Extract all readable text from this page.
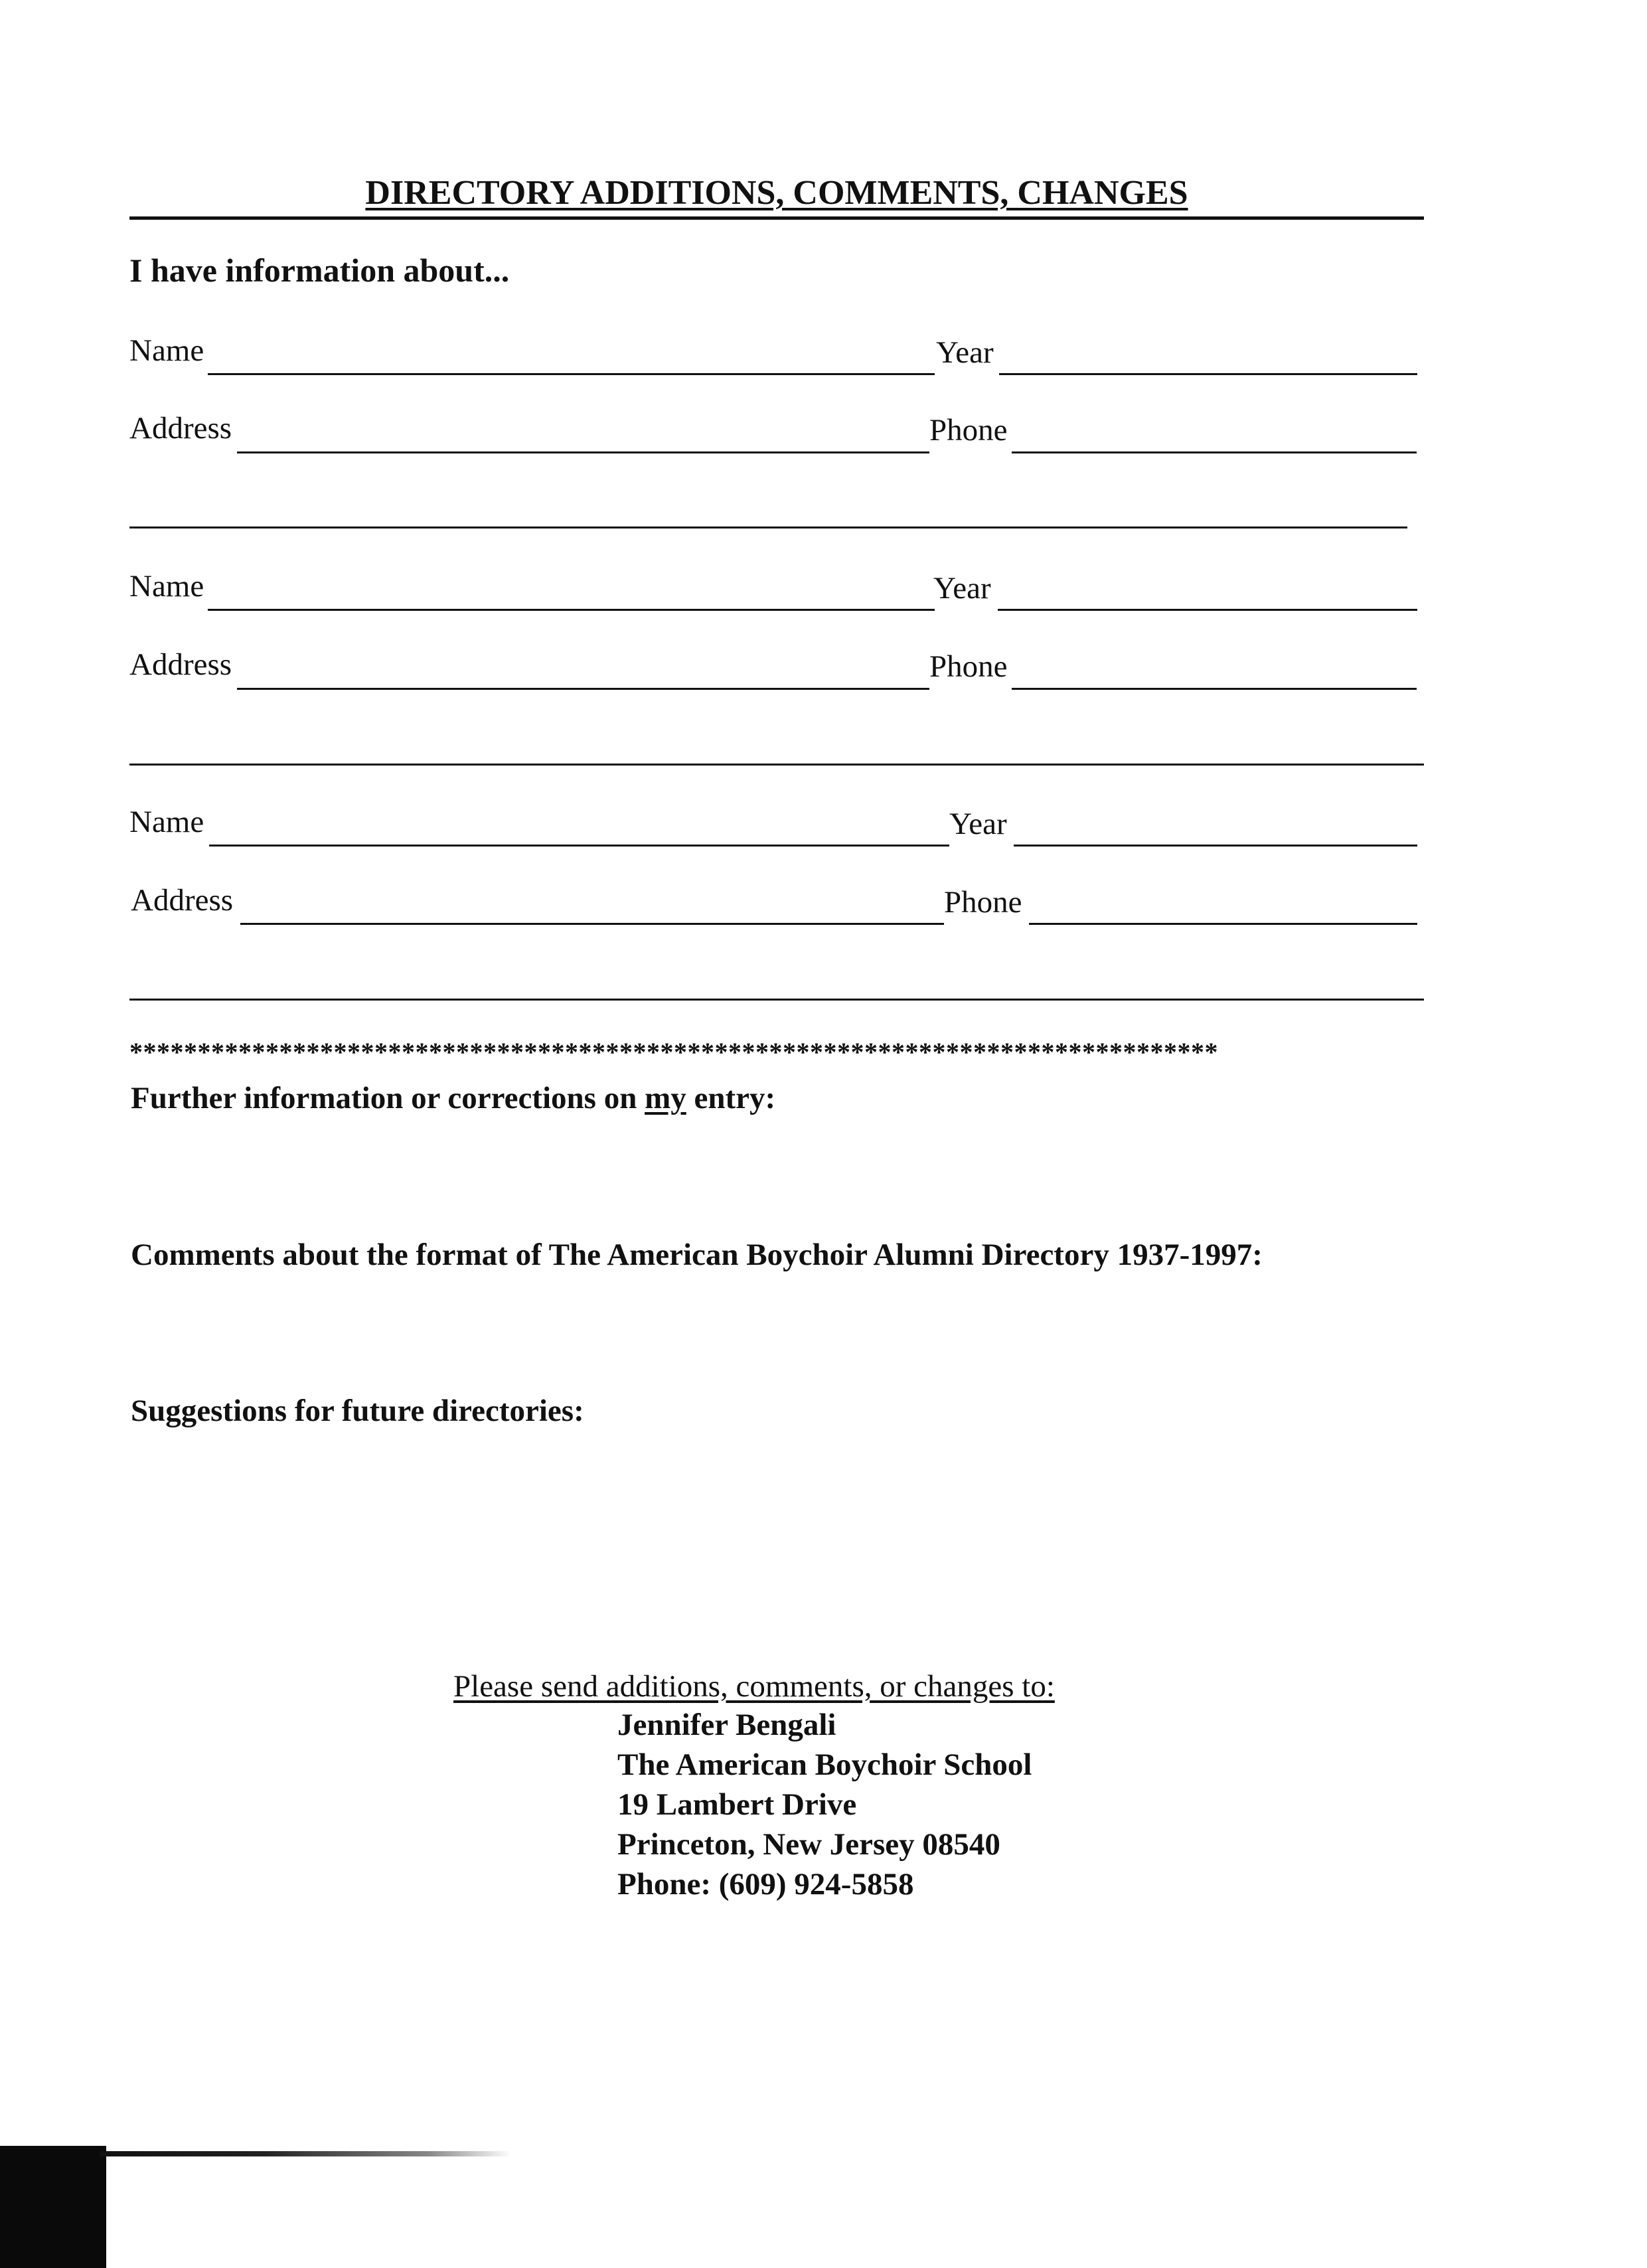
DIRECTORY ADDITIONS, COMMENTS, CHANGES
I have information about...
Name	Year
Address	Phone
Name	Year
Address	Phone
Name	Year
Address	Phone
********************************************************************************
Further information or corrections on my entry:
Comments about the format of The American Boychoir Alumni Directory 1937-1997:
Suggestions for future directories:
Please send additions, comments, or changes to:
Jennifer Bengali
The American Boychoir School
19 Lambert Drive
Princeton, New Jersey 08540
Phone: (609) 924-5858
